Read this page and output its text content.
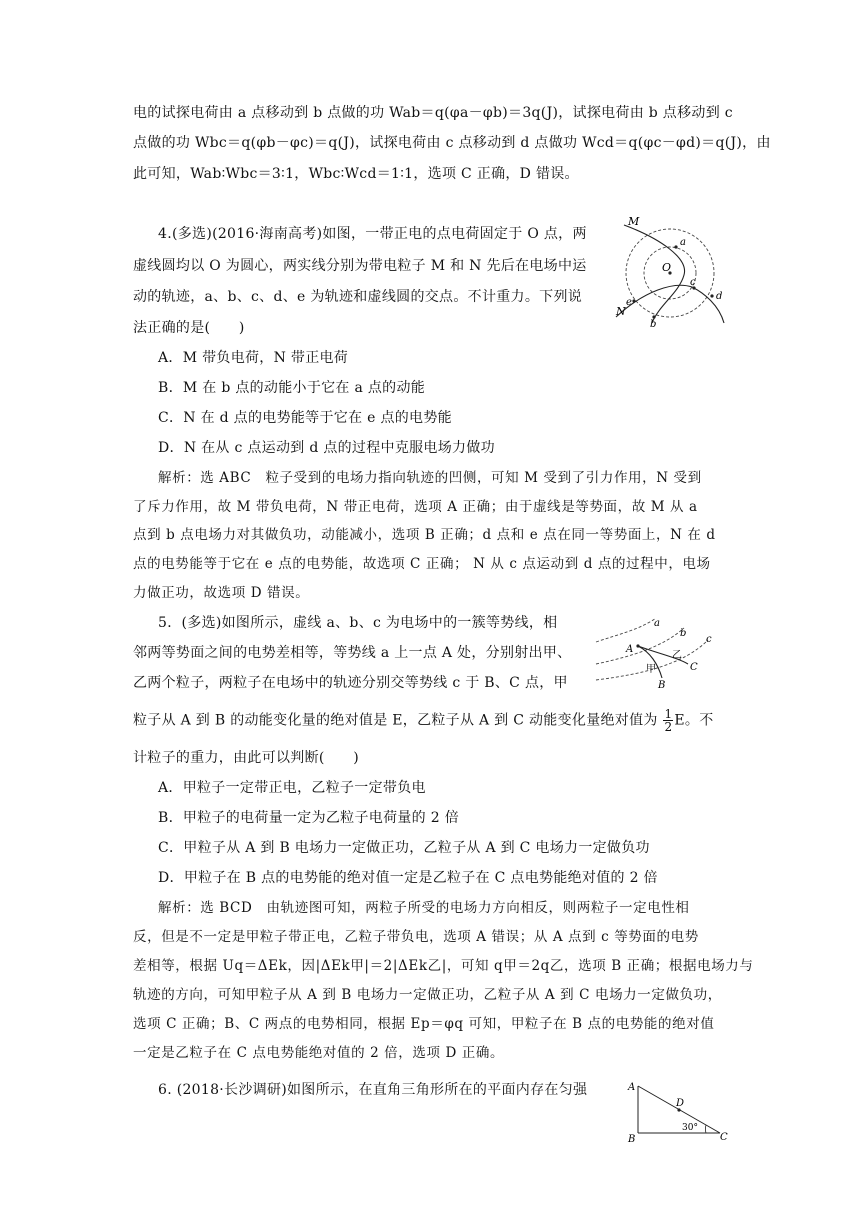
电的试探电荷由 a 点移动到 b 点做的功 Wab＝q(φa－φb)＝3q(J)，试探电荷由 b 点移动到 c
点做的功 Wbc＝q(φb－φc)＝q(J)，试探电荷由 c 点移动到 d 点做功 Wcd＝q(φc－φd)＝q(J)，由
此可知，Wab∶Wbc＝3∶1，Wbc∶Wcd＝1∶1，选项 C 正确，D 错误。
4.(多选)(2016·海南高考)如图，一带正电的点电荷固定于 O 点，两
虚线圆均以 O 为圆心，两实线分别为带电粒子 M 和 N 先后在电场中运
动的轨迹，a、b、c、d、e 为轨迹和虚线圆的交点。不计重力。下列说
法正确的是(　　)
A．M 带负电荷，N 带正电荷
B．M 在 b 点的动能小于它在 a 点的动能
C．N 在 d 点的电势能等于它在 e 点的电势能
D．N 在从 c 点运动到 d 点的过程中克服电场力做功
解析：选 ABC　粒子受到的电场力指向轨迹的凹侧，可知 M 受到了引力作用，N 受到
了斥力作用，故 M 带负电荷，N 带正电荷，选项 A 正确；由于虚线是等势面，故 M 从 a
点到 b 点电场力对其做负功，动能减小，选项 B 正确；d 点和 e 点在同一等势面上，N 在 d
点的电势能等于它在 e 点的电势能，故选项 C 正确； N 从 c 点运动到 d 点的过程中，电场
力做正功，故选项 D 错误。
M
a
O
c
d
e
N
b
5．(多选)如图所示，虚线 a、b、c 为电场中的一簇等势线，相
邻两等势面之间的电势差相等，等势线 a 上一点 A 处，分别射出甲、
乙两个粒子，两粒子在电场中的轨迹分别交等势线 c 于 B、C 点，甲
粒子从 A 到 B 的动能变化量的绝对值是 E，乙粒子从 A 到 C 动能变化量绝对值为 $\frac{1}{2}$ E。不
计粒子的重力，由此可以判断(　　)
A．甲粒子一定带正电，乙粒子一定带负电
B．甲粒子的电荷量一定为乙粒子电荷量的 2 倍
C．甲粒子从 A 到 B 电场力一定做正功，乙粒子从 A 到 C 电场力一定做负功
D．甲粒子在 B 点的电势能的绝对值一定是乙粒子在 C 点电势能绝对值的 2 倍
解析：选 BCD　由轨迹图可知，两粒子所受的电场力方向相反，则两粒子一定电性相
反，但是不一定是甲粒子带正电，乙粒子带负电，选项 A 错误；从 A 点到 c 等势面的电势
差相等，根据 Uq＝ΔEk，因|ΔEk甲|＝2|ΔEk乙|，可知 q甲＝2q乙，选项 B 正确；根据电场力与
轨迹的方向，可知甲粒子从 A 到 B 电场力一定做正功，乙粒子从 A 到 C 电场力一定做负功，
选项 C 正确；B、C 两点的电势相同，根据 Ep＝φq 可知，甲粒子在 B 点的电势能的绝对值
一定是乙粒子在 C 点电势能绝对值的 2 倍，选项 D 正确。
a
b
c
A
甲
乙
B
C
6. (2018·长沙调研)如图所示，在直角三角形所在的平面内存在匀强	A
D
30°
B	C
